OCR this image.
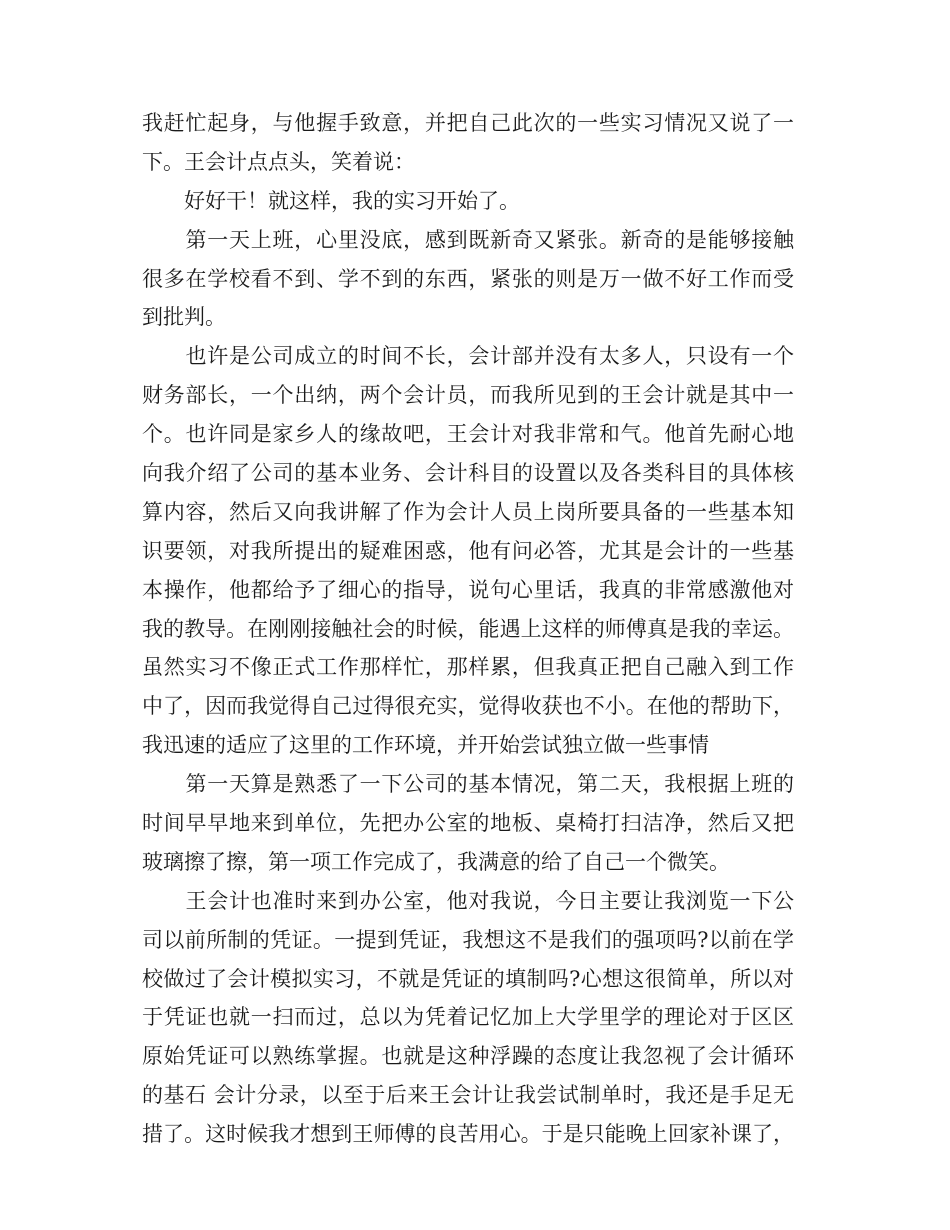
我赶忙起身，与他握手致意，并把自己此次的一些实习情况又说了一
下。王会计点点头，笑着说：
　　好好干！就这样，我的实习开始了。
　　第一天上班，心里没底，感到既新奇又紧张。新奇的是能够接触
很多在学校看不到、学不到的东西，紧张的则是万一做不好工作而受
到批判。
　　也许是公司成立的时间不长，会计部并没有太多人，只设有一个
财务部长，一个出纳，两个会计员，而我所见到的王会计就是其中一
个。也许同是家乡人的缘故吧，王会计对我非常和气。他首先耐心地
向我介绍了公司的基本业务、会计科目的设置以及各类科目的具体核
算内容，然后又向我讲解了作为会计人员上岗所要具备的一些基本知
识要领，对我所提出的疑难困惑，他有问必答，尤其是会计的一些基
本操作，他都给予了细心的指导，说句心里话，我真的非常感激他对
我的教导。在刚刚接触社会的时候，能遇上这样的师傅真是我的幸运。
虽然实习不像正式工作那样忙，那样累，但我真正把自己融入到工作
中了，因而我觉得自己过得很充实，觉得收获也不小。在他的帮助下，
我迅速的适应了这里的工作环境，并开始尝试独立做一些事情
　　第一天算是熟悉了一下公司的基本情况，第二天，我根据上班的
时间早早地来到单位，先把办公室的地板、桌椅打扫洁净，然后又把
玻璃擦了擦，第一项工作完成了，我满意的给了自己一个微笑。
　　王会计也准时来到办公室，他对我说，今日主要让我浏览一下公
司以前所制的凭证。一提到凭证，我想这不是我们的强项吗?以前在学
校做过了会计模拟实习，不就是凭证的填制吗?心想这很简单，所以对
于凭证也就一扫而过，总以为凭着记忆加上大学里学的理论对于区区
原始凭证可以熟练掌握。也就是这种浮躁的态度让我忽视了会计循环
的基石 会计分录，以至于后来王会计让我尝试制单时，我还是手足无
措了。这时候我才想到王师傅的良苦用心。于是只能晚上回家补课了，
